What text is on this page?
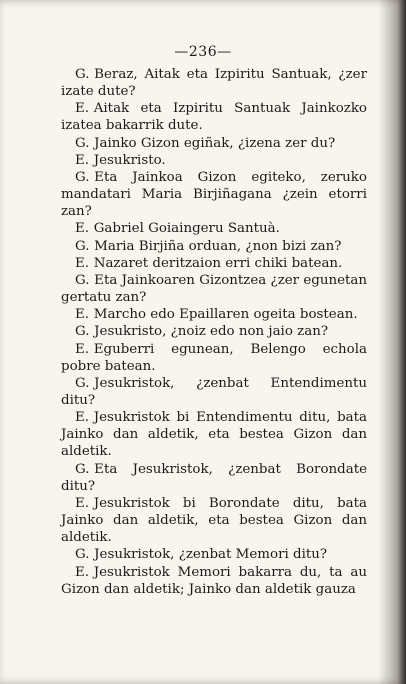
—236—

G. Beraz, Aitak eta Izpiritu Santuak, ¿zer izate dute?

E. Aitak eta Izpiritu Santuak Jainkozko izatea bakarrik dute.

G. Jainko Gizon egiñak, ¿izena zer du?

E. Jesukristo.

G. Eta Jainkoa Gizon egiteko, zeruko mandatari Maria Birjiñagana ¿zein etorri zan?

E. Gabriel Goiaingeru Santuà.

G. Maria Birjiña orduan, ¿non bizi zan?

E. Nazaret deritzaion erri chiki batean.

G. Eta Jainkoaren Gizontzea ¿zer egunetan gertatu zan?

E. Marcho edo Epaillaren ogeita bostean.

G. Jesukristo, ¿noiz edo non jaio zan?

E. Eguberri egunean, Belengo echola pobre batean.

G. Jesukristok, ¿zenbat Entendimentu ditu?

E. Jesukristok bi Entendimentu ditu, bata Jainko dan aldetik, eta bestea Gizon dan aldetik.

G. Eta Jesukristok, ¿zenbat Borondate ditu?

E. Jesukristok bi Borondate ditu, bata Jainko dan aldetik, eta bestea Gizon dan aldetik.

G. Jesukristok, ¿zenbat Memori ditu?

E. Jesukristok Memori bakarra du, ta au Gizon dan aldetik; Jainko dan aldetik gauza
